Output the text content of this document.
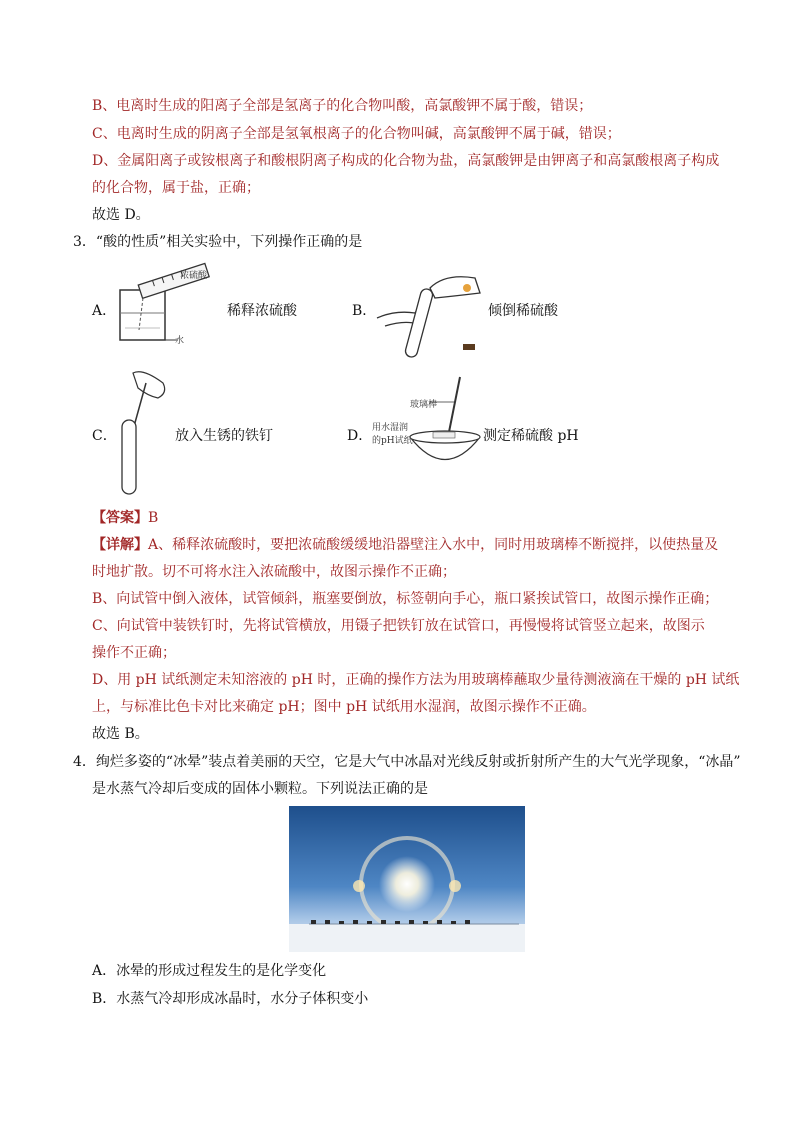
B、电离时生成的阳离子全部是氢离子的化合物叫酸，高氯酸钾不属于酸，错误；
C、电离时生成的阴离子全部是氢氧根离子的化合物叫碱，高氯酸钾不属于碱，错误；
D、金属阳离子或铵根离子和酸根阴离子构成的化合物为盐，高氯酸钾是由钾离子和高氯酸根离子构成
的化合物，属于盐，正确；
故选 D。
3．“酸的性质”相关实验中，下列操作正确的是
A．
浓硫酸
水
稀释浓硫酸	B．	倾倒稀硫酸
C．	放入生锈的铁钉	D．
玻璃棒
用水湿润
的pH试纸	测定稀硫酸 pH
【答案】B
【详解】A、稀释浓硫酸时，要把浓硫酸缓缓地沿器壁注入水中，同时用玻璃棒不断搅拌，以使热量及
时地扩散。切不可将水注入浓硫酸中，故图示操作不正确；
B、向试管中倒入液体，试管倾斜，瓶塞要倒放，标签朝向手心，瓶口紧挨试管口，故图示操作正确；
C、向试管中装铁钉时，先将试管横放，用镊子把铁钉放在试管口，再慢慢将试管竖立起来，故图示
操作不正确；
D、用 pH 试纸测定未知溶液的 pH 时，正确的操作方法为用玻璃棒蘸取少量待测液滴在干燥的 pH 试纸
上，与标准比色卡对比来确定 pH；图中 pH 试纸用水湿润，故图示操作不正确。
故选 B。
4．绚烂多姿的“冰晕”装点着美丽的天空，它是大气中冰晶对光线反射或折射所产生的大气光学现象，“冰晶”
是水蒸气冷却后变成的固体小颗粒。下列说法正确的是
A．冰晕的形成过程发生的是化学变化
B．水蒸气冷却形成冰晶时，水分子体积变小
